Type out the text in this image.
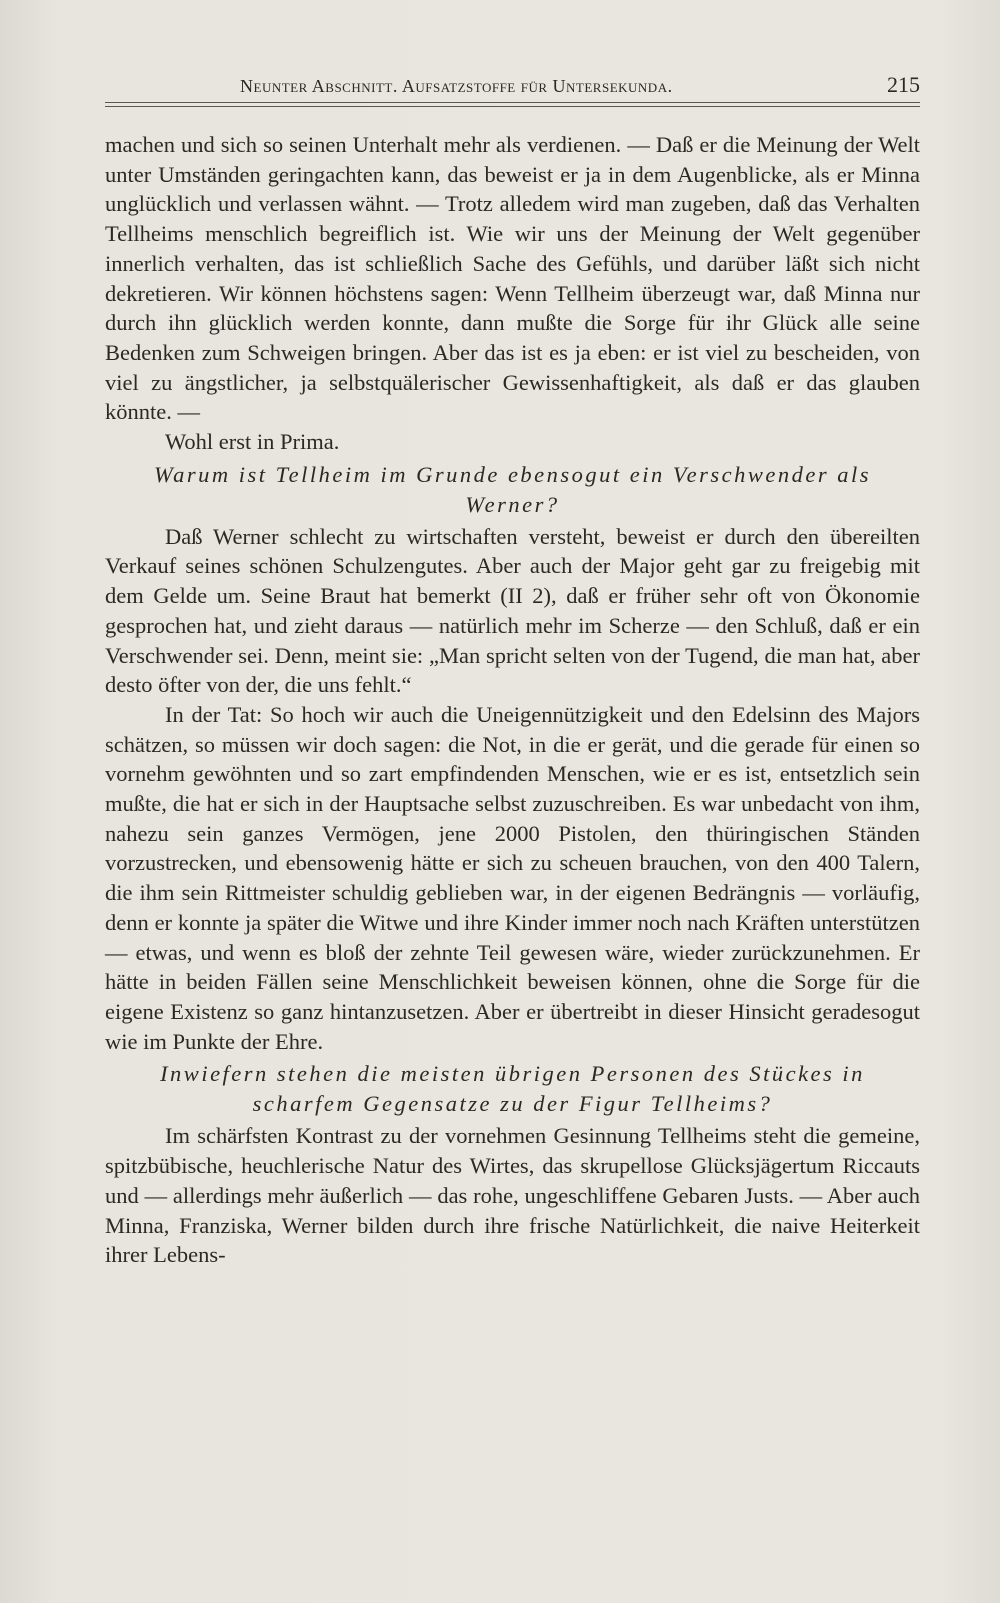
Neunter Abschnitt. Aufsatzstoffe für Untersekunda.	215

machen und sich so seinen Unterhalt mehr als verdienen. — Daß er die Meinung der Welt unter Umständen geringachten kann, das beweist er ja in dem Augenblicke, als er Minna unglücklich und verlassen wähnt. — Trotz alledem wird man zugeben, daß das Verhalten Tellheims menschlich begreiflich ist. Wie wir uns der Meinung der Welt gegenüber innerlich verhalten, das ist schließlich Sache des Gefühls, und darüber läßt sich nicht dekretieren. Wir können höchstens sagen: Wenn Tellheim überzeugt war, daß Minna nur durch ihn glücklich werden konnte, dann mußte die Sorge für ihr Glück alle seine Bedenken zum Schweigen bringen. Aber das ist es ja eben: er ist viel zu bescheiden, von viel zu ängstlicher, ja selbstquälerischer Gewissenhaftigkeit, als daß er das glauben könnte. —

Wohl erst in Prima.

Warum ist Tellheim im Grunde ebensogut ein Verschwender als Werner?

Daß Werner schlecht zu wirtschaften versteht, beweist er durch den übereilten Verkauf seines schönen Schulzengutes. Aber auch der Major geht gar zu freigebig mit dem Gelde um. Seine Braut hat bemerkt (II 2), daß er früher sehr oft von Ökonomie gesprochen hat, und zieht daraus — natürlich mehr im Scherze — den Schluß, daß er ein Verschwender sei. Denn, meint sie: „Man spricht selten von der Tugend, die man hat, aber desto öfter von der, die uns fehlt.“

In der Tat: So hoch wir auch die Uneigennützigkeit und den Edelsinn des Majors schätzen, so müssen wir doch sagen: die Not, in die er gerät, und die gerade für einen so vornehm gewöhnten und so zart empfindenden Menschen, wie er es ist, entsetzlich sein mußte, die hat er sich in der Hauptsache selbst zuzuschreiben. Es war unbedacht von ihm, nahezu sein ganzes Vermögen, jene 2000 Pistolen, den thüringischen Ständen vorzustrecken, und ebensowenig hätte er sich zu scheuen brauchen, von den 400 Talern, die ihm sein Rittmeister schuldig geblieben war, in der eigenen Bedrängnis — vorläufig, denn er konnte ja später die Witwe und ihre Kinder immer noch nach Kräften unterstützen — etwas, und wenn es bloß der zehnte Teil gewesen wäre, wieder zurückzunehmen. Er hätte in beiden Fällen seine Menschlichkeit beweisen können, ohne die Sorge für die eigene Existenz so ganz hintanzusetzen. Aber er übertreibt in dieser Hinsicht geradesogut wie im Punkte der Ehre.

Inwiefern stehen die meisten übrigen Personen des Stückes in scharfem Gegensatze zu der Figur Tellheims?

Im schärfsten Kontrast zu der vornehmen Gesinnung Tellheims steht die gemeine, spitzbübische, heuchlerische Natur des Wirtes, das skrupellose Glücksjägertum Riccauts und — allerdings mehr äußerlich — das rohe, ungeschliffene Gebaren Justs. — Aber auch Minna, Franziska, Werner bilden durch ihre frische Natürlichkeit, die naive Heiterkeit ihrer Lebens-
